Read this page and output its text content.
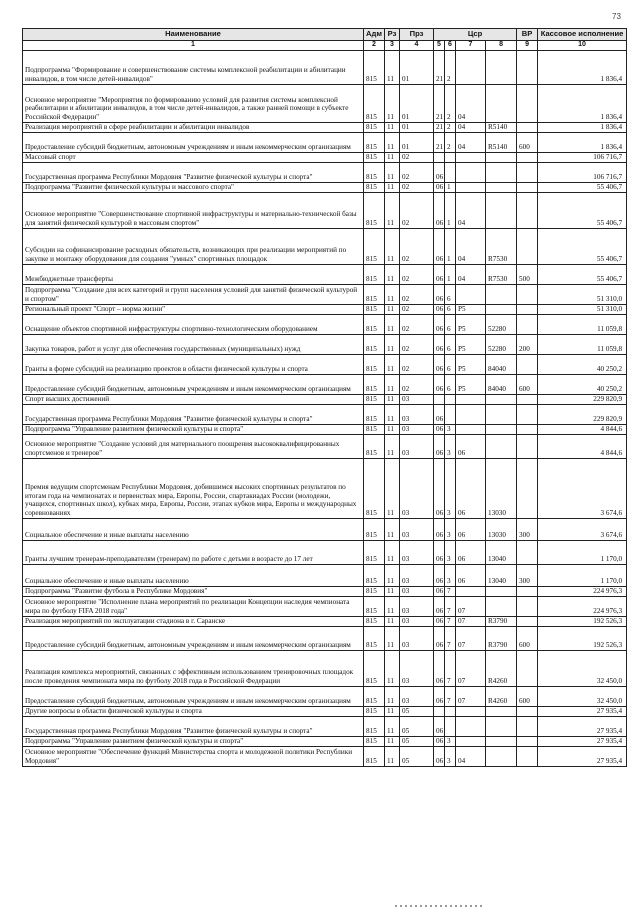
73
Наименование	Адм	Рз	Прз	Цср				ВР	Кассовое исполнение
1	2	3	4	5	6	7	8	9	10
Подпрограмма "Формирование и совершенствование системы комплексной реабилитации и абилитации инвалидов, в том числе детей-инвалидов"	815	11	01	21	2				1 836,4
Основное мероприятие "Мероприятия по формированию условий для развития системы комплексной реабилитации и абилитации инвалидов, в том числе детей-инвалидов, а также ранней помощи в субъекте Российской Федерации"	815	11	01	21	2	04			1 836,4
Реализация мероприятий в сфере реабилитации и абилитации инвалидов	815	11	01	21	2	04	R5140		1 836,4
Предоставление субсидий бюджетным, автономным учреждениям и иным некоммерческим организациям	815	11	01	21	2	04	R5140	600	1 836,4
Массовый спорт	815	11	02						106 716,7
Государственная программа Республики Мордовия "Развитие физической культуры и спорта"	815	11	02	06					106 716,7
Подпрограмма "Развитие физической культуры и массового спорта"	815	11	02	06	1				55 406,7
Основное мероприятие "Совершенствование спортивной инфраструктуры и материально-технической базы для занятий физической культурой в массовым спортом"	815	11	02	06	1	04			55 406,7
Субсидии на софинансирование расходных обязательств, возникающих при реализации мероприятий по закупке и монтажу оборудования для создания "умных" спортивных площадок	815	11	02	06	1	04	R7530		55 406,7
Межбюджетные трансферты	815	11	02	06	1	04	R7530	500	55 406,7
Подпрограмма "Создание для всех категорий и групп населения условий для занятий физической культурой и спортом"	815	11	02	06	6				51 310,0
Региональный проект "Спорт – норма жизни"	815	11	02	06	6	P5			51 310,0
Оснащение объектов спортивной инфраструктуры спортивно-технологическим оборудованием	815	11	02	06	6	P5	52280		11 059,8
Закупка товаров, работ и услуг для обеспечения государственных (муниципальных) нужд	815	11	02	06	6	P5	52280	200	11 059,8
Гранты в форме субсидий на реализацию проектов в области физической культуры и спорта	815	11	02	06	6	P5	84040		40 250,2
Предоставление субсидий бюджетным, автономным учреждениям и иным некоммерческим организациям	815	11	02	06	6	P5	84040	600	40 250,2
Спорт высших достижений	815	11	03						229 820,9
Государственная программа Республики Мордовия "Развитие физической культуры и спорта"	815	11	03	06					229 820,9
Подпрограмма "Управление развитием физической культуры и спорта"	815	11	03	06	3				4 844,6
Основное мероприятие "Создание условий для материального поощрения высококвалифицированных спортсменов и тренеров"	815	11	03	06	3	06			4 844,6
Премия ведущим спортсменам Республики Мордовия, добившимся высоких спортивных результатов по итогам года на чемпионатах и первенствах мира, Европы, России, спартакиадах России (молодежи, учащихся, спортивных школ), кубках мира, Европы, России, этапах кубков мира, Европы и международных соревнованиях	815	11	03	06	3	06	13030		3 674,6
Социальное обеспечение и иные выплаты населению	815	11	03	06	3	06	13030	300	3 674,6
Гранты лучшим тренерам-преподавателям (тренерам) по работе с детьми в возрасте до 17 лет	815	11	03	06	3	06	13040		1 170,0
Социальное обеспечение и иные выплаты населению	815	11	03	06	3	06	13040	300	1 170,0
Подпрограмма "Развитие футбола в Республике Мордовия"	815	11	03	06	7				224 976,3
Основное мероприятие "Исполнение плана мероприятий по реализации Концепции наследия чемпионата мира по футболу FIFA 2018 года"	815	11	03	06	7	07			224 976,3
Реализация мероприятий по эксплуатации стадиона в г. Саранске	815	11	03	06	7	07	R3790		192 526,3
Предоставление субсидий бюджетным, автономным учреждениям и иным некоммерческим организациям	815	11	03	06	7	07	R3790	600	192 526,3
Реализация комплекса мероприятий, связанных с эффективным использованием тренировочных площадок после проведения чемпионата мира по футболу 2018 года в Российской Федерации	815	11	03	06	7	07	R4260		32 450,0
Предоставление субсидий бюджетным, автономным учреждениям и иным некоммерческим организациям	815	11	03	06	7	07	R4260	600	32 450,0
Другие вопросы в области физической культуры и спорта	815	11	05						27 935,4
Государственная программа Республики Мордовия "Развитие физической культуры и спорта"	815	11	05	06					27 935,4
Подпрограмма "Управление развитием физической культуры и спорта"	815	11	05	06	3				27 935,4
Основное мероприятие "Обеспечение функций Министерства спорта и молодежной политики Республики Мордовия"	815	11	05	06	3	04			27 935,4
